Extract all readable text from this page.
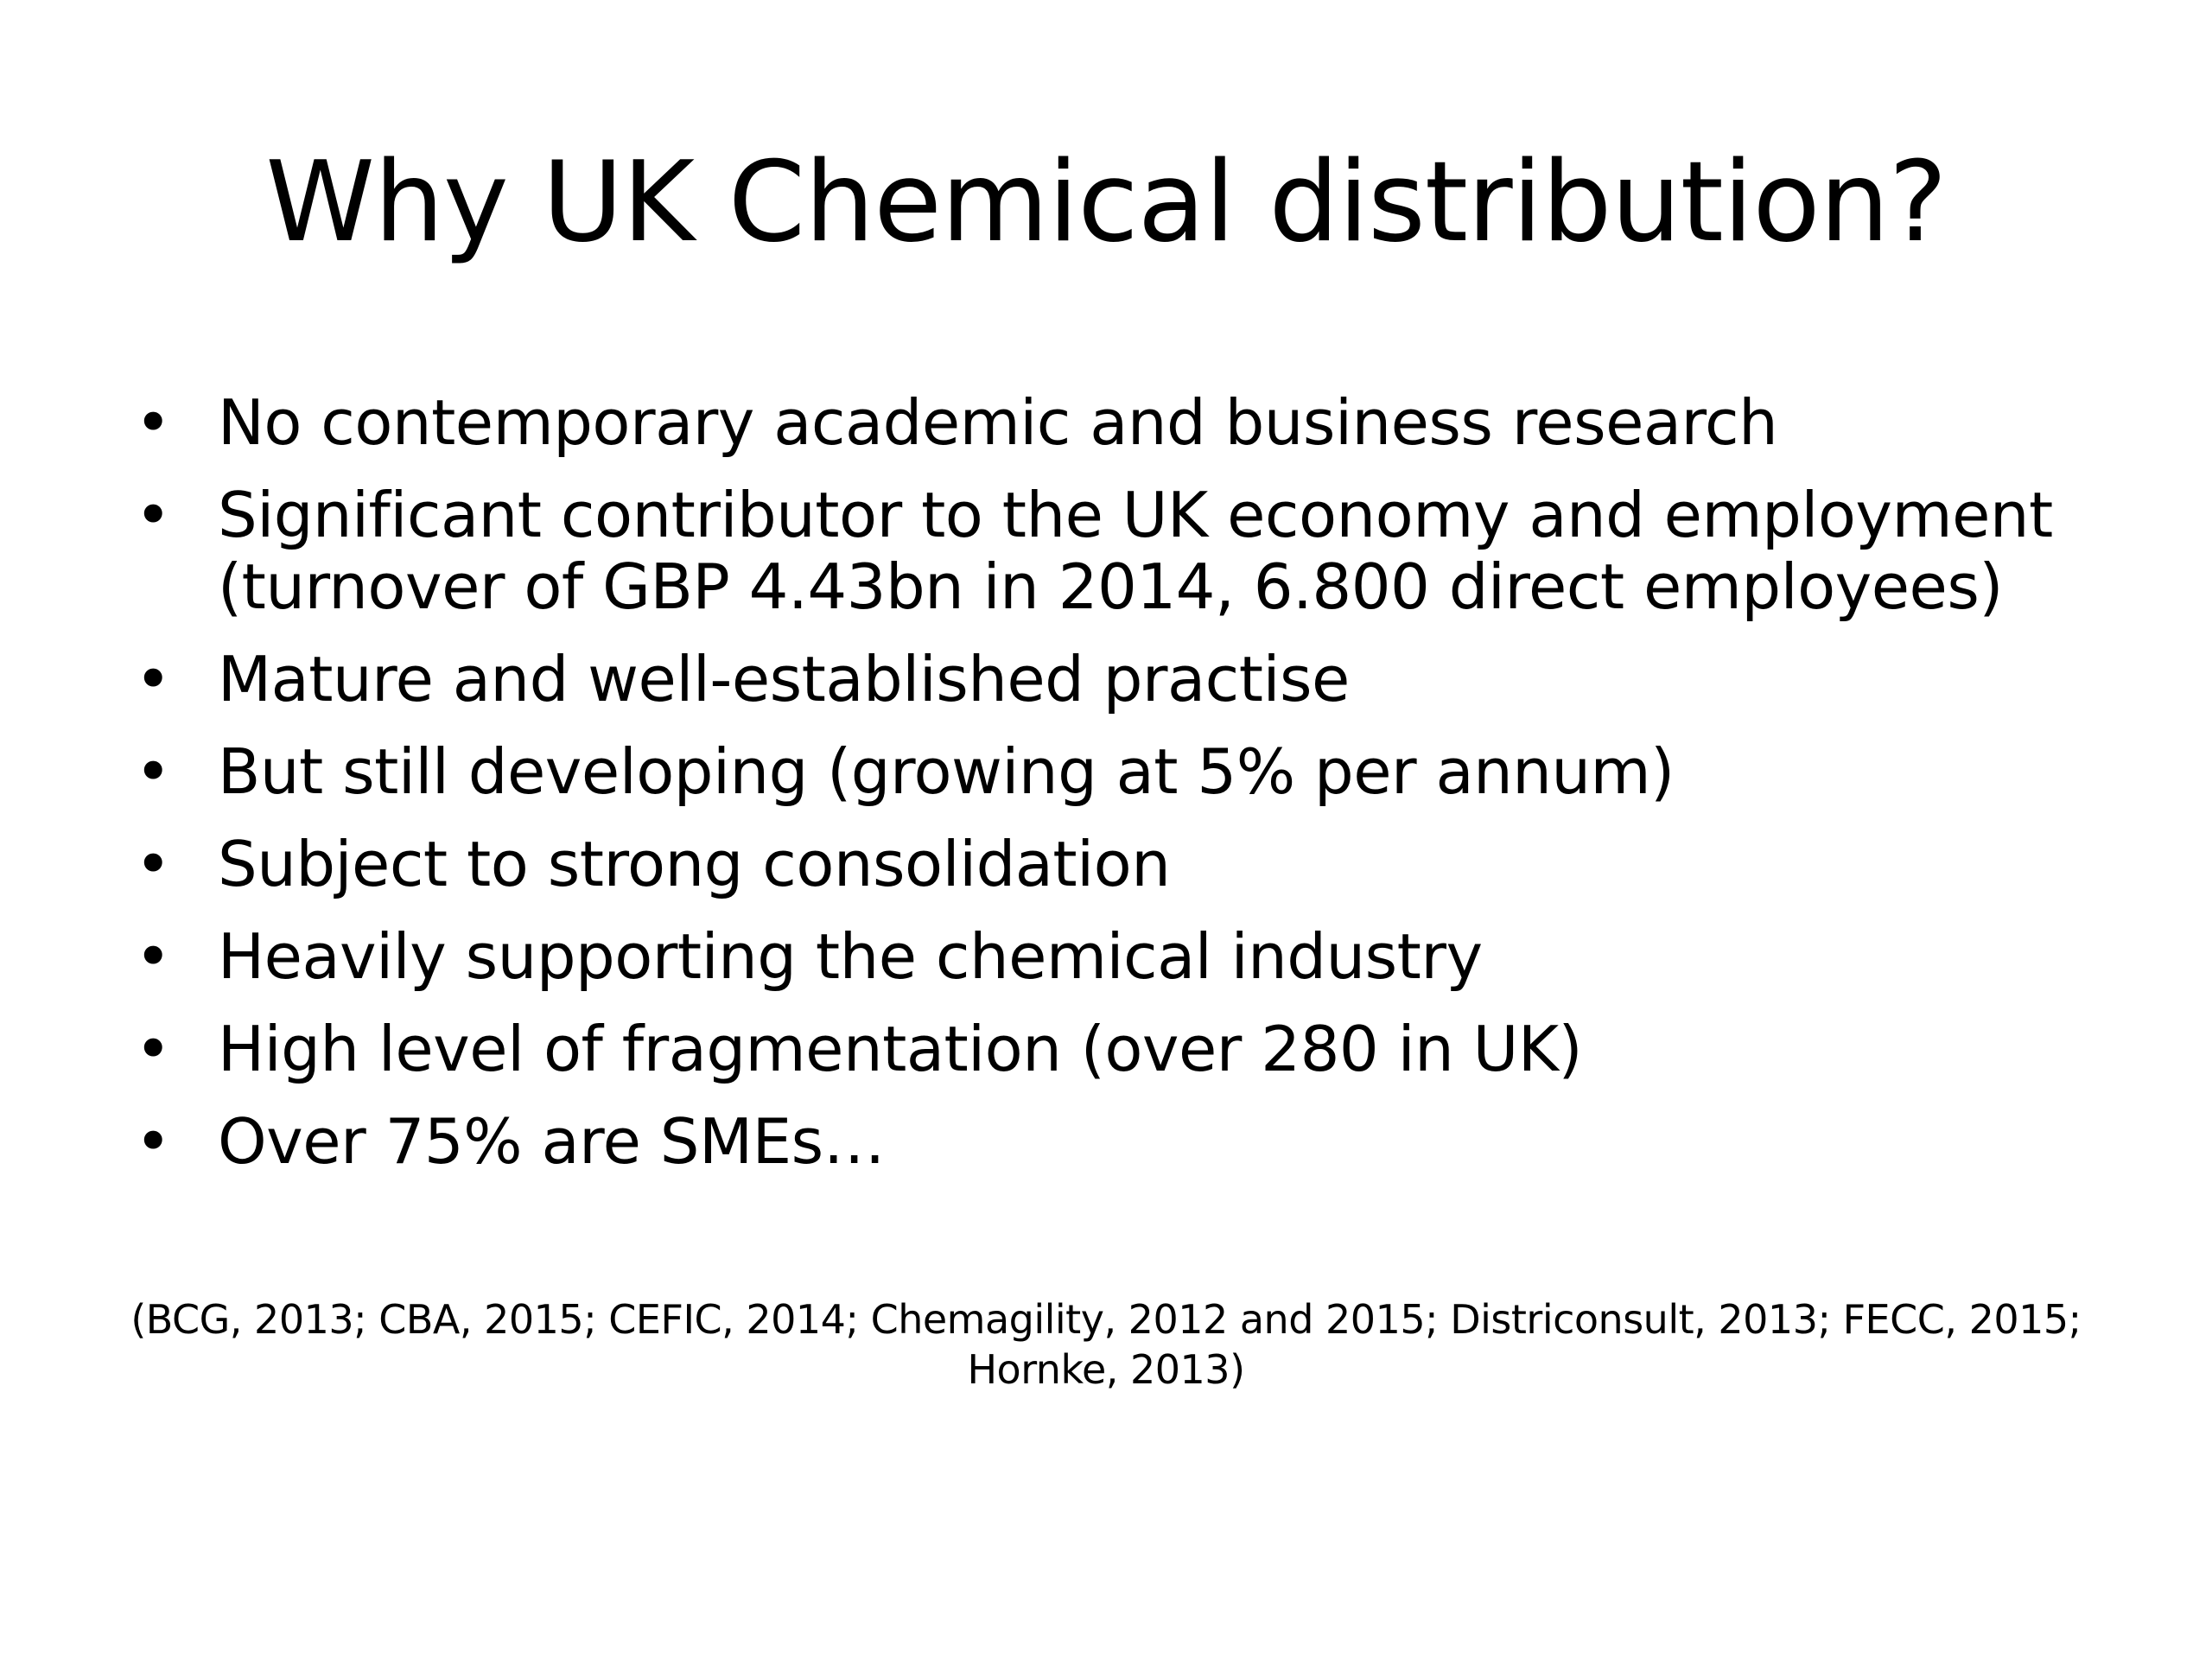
Why UK Chemical distribution?
• No contemporary academic and business research
• Significant contributor to the UK economy and employment (turnover of GBP 4.43bn in 2014, 6.800 direct employees)
• Mature and well-established practise
• But still developing (growing at 5% per annum)
• Subject to strong consolidation
• Heavily supporting the chemical industry
• High level of fragmentation (over 280 in UK)
• Over 75% are SMEs…
(BCG, 2013; CBA, 2015; CEFIC, 2014; Chemagility, 2012 and 2015; Districonsult, 2013; FECC, 2015; Hornke, 2013)
